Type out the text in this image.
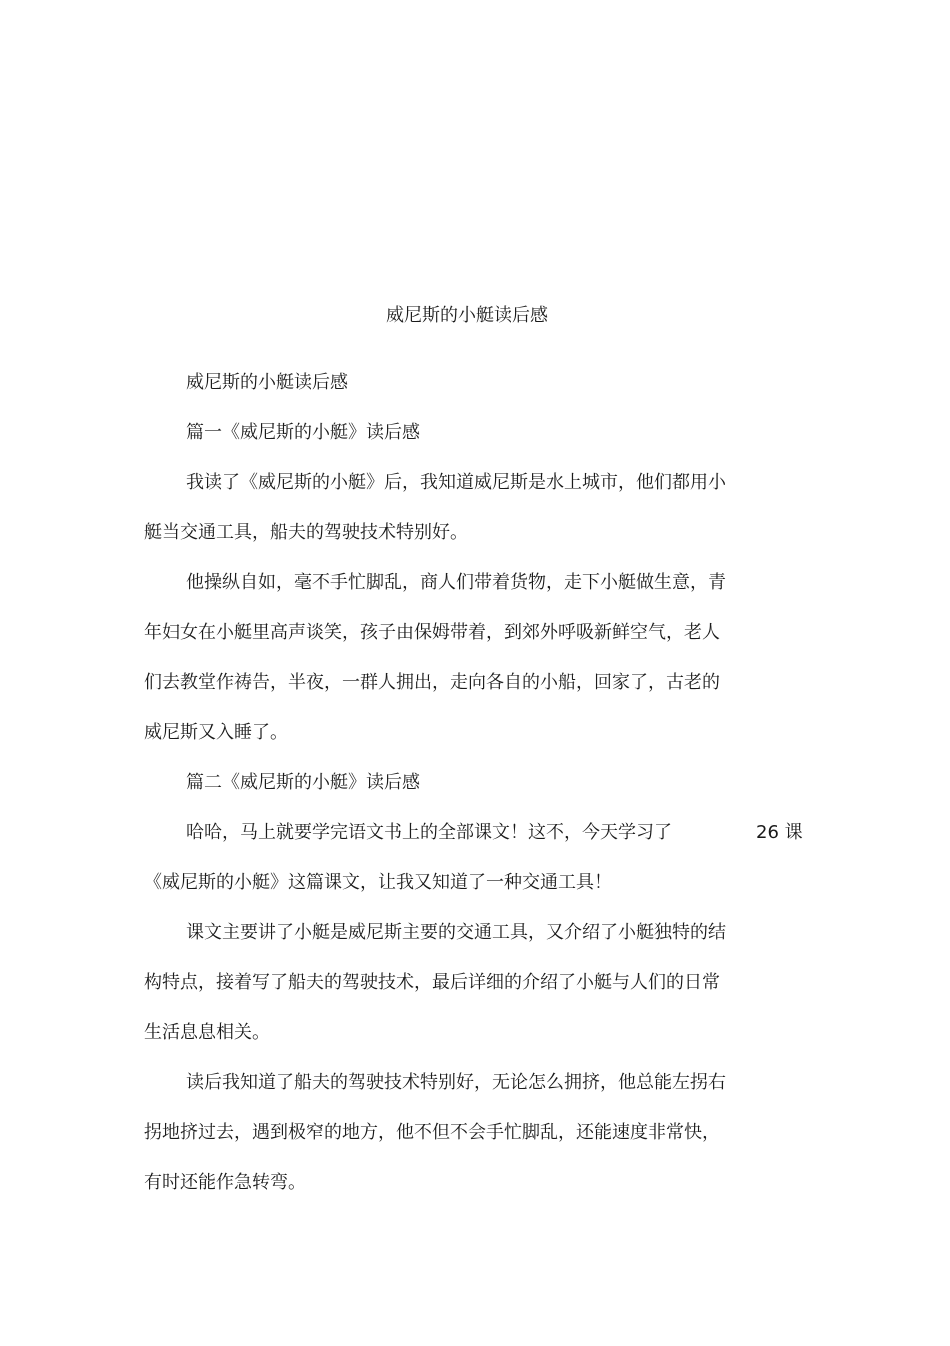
威尼斯的小艇读后感
威尼斯的小艇读后感
篇一《威尼斯的小艇》读后感
我读了《威尼斯的小艇》后，我知道威尼斯是水上城市，他们都用小
艇当交通工具，船夫的驾驶技术特别好。
他操纵自如，毫不手忙脚乱，商人们带着货物，走下小艇做生意，青
年妇女在小艇里高声谈笑，孩子由保姆带着，到郊外呼吸新鲜空气，老人
们去教堂作祷告，半夜，一群人拥出，走向各自的小船，回家了，古老的
威尼斯又入睡了。
篇二《威尼斯的小艇》读后感
哈哈，马上就要学完语文书上的全部课文！这不，今天学习了	26 课
《威尼斯的小艇》这篇课文，让我又知道了一种交通工具！
课文主要讲了小艇是威尼斯主要的交通工具，又介绍了小艇独特的结
构特点，接着写了船夫的驾驶技术，最后详细的介绍了小艇与人们的日常
生活息息相关。
读后我知道了船夫的驾驶技术特别好，无论怎么拥挤，他总能左拐右
拐地挤过去，遇到极窄的地方，他不但不会手忙脚乱，还能速度非常快，
有时还能作急转弯。
